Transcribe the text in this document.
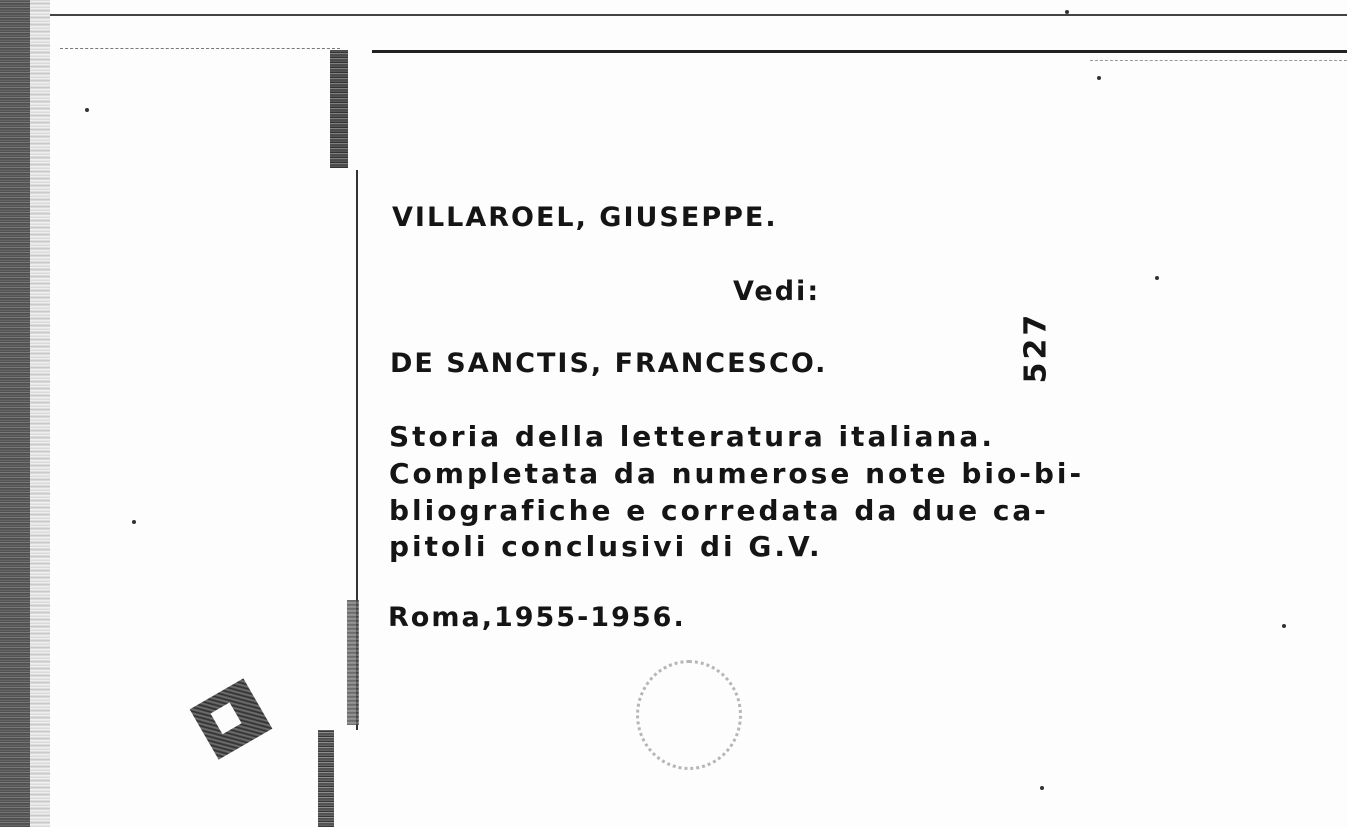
VILLAROEL, GIUSEPPE.
Vedi:
DE SANCTIS, FRANCESCO.
Storia della letteratura italiana.
Completata da numerose note bio-bi-
bliografiche e corredata da due ca-
pitoli conclusivi di G.V.
Roma,1955-1956.
527
